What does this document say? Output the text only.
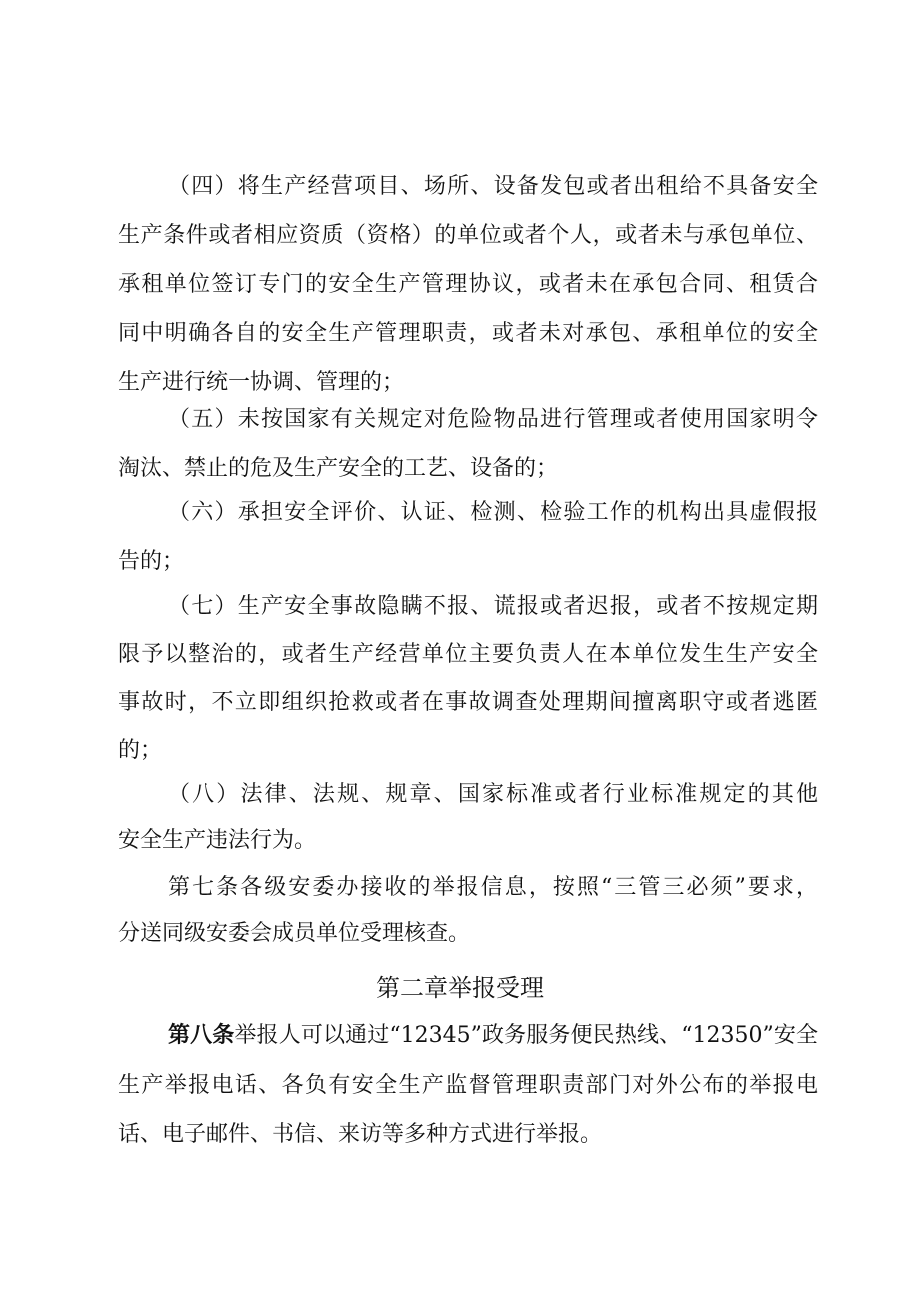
（四）将生产经营项目、场所、设备发包或者出租给不具备安全
生产条件或者相应资质（资格）的单位或者个人，或者未与承包单位、
承租单位签订专门的安全生产管理协议，或者未在承包合同、租赁合
同中明确各自的安全生产管理职责，或者未对承包、承租单位的安全
生产进行统一协调、管理的；
（五）未按国家有关规定对危险物品进行管理或者使用国家明令
淘汰、禁止的危及生产安全的工艺、设备的；
（六）承担安全评价、认证、检测、检验工作的机构出具虚假报
告的；
（七）生产安全事故隐瞒不报、谎报或者迟报，或者不按规定期
限予以整治的，或者生产经营单位主要负责人在本单位发生生产安全
事故时，不立即组织抢救或者在事故调查处理期间擅离职守或者逃匿
的；
（八）法律、法规、规章、国家标准或者行业标准规定的其他
安全生产违法行为。
第七条各级安委办接收的举报信息，按照“三管三必须”要求，
分送同级安委会成员单位受理核查。
第二章举报受理
第八条举报人可以通过“12345”政务服务便民热线、“12350”安全
生产举报电话、各负有安全生产监督管理职责部门对外公布的举报电
话、电子邮件、书信、来访等多种方式进行举报。
